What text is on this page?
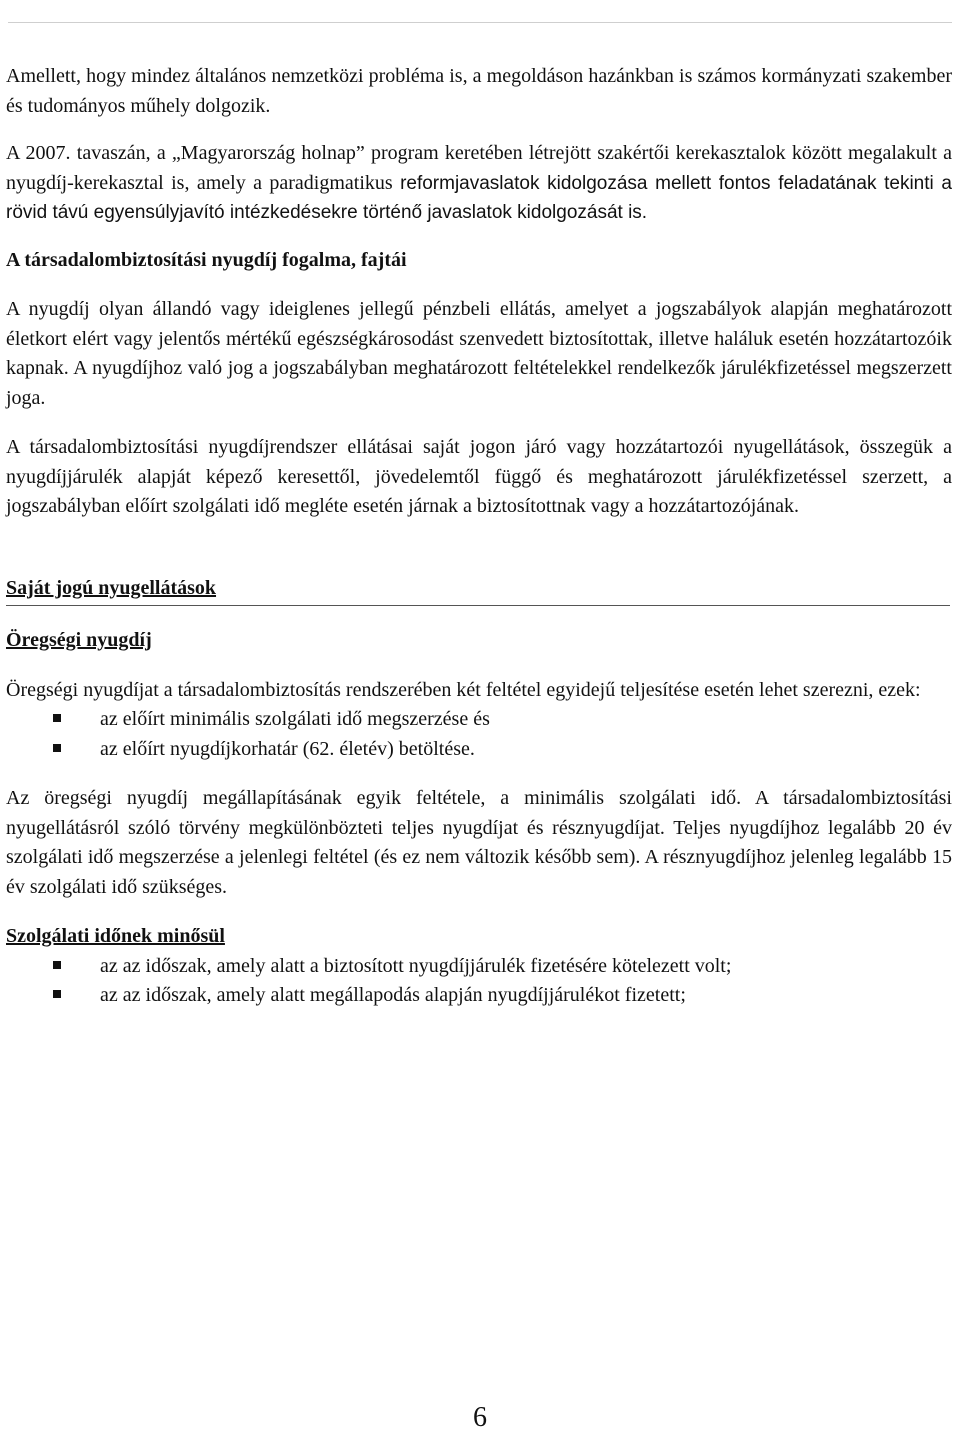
Amellett, hogy mindez általános nemzetközi probléma is, a megoldáson hazánkban is számos kormányzati szakember és tudományos műhely dolgozik.

A 2007. tavaszán, a „Magyarország holnap” program keretében létrejött szakértői kerekasztalok között megalakult a nyugdíj-kerekasztal is, amely a paradigmatikus reformjavaslatok kidolgozása mellett fontos feladatának tekinti a rövid távú egyensúlyjavító intézkedésekre történő javaslatok kidolgozását is.

A társadalombiztosítási nyugdíj fogalma, fajtái

A nyugdíj olyan állandó vagy ideiglenes jellegű pénzbeli ellátás, amelyet a jogszabályok alapján meghatározott életkort elért vagy jelentős mértékű egészségkárosodást szenvedett biztosítottak, illetve haláluk esetén hozzátartozóik kapnak. A nyugdíjhoz való jog a jogszabályban meghatározott feltételekkel rendelkezők járulékfizetéssel megszerzett joga.

A társadalombiztosítási nyugdíjrendszer ellátásai saját jogon járó vagy hozzátartozói nyugellátások, összegük a nyugdíjjárulék alapját képező keresettől, jövedelemtől függő és meghatározott járulékfizetéssel szerzett, a jogszabályban előírt szolgálati idő megléte esetén járnak a biztosítottnak vagy a hozzátartozójának.

Saját jogú nyugellátások
Öregségi nyugdíj

Öregségi nyugdíjat a társadalombiztosítás rendszerében két feltétel egyidejű teljesítése esetén lehet szerezni, ezek:

az előírt minimális szolgálati idő megszerzése és
az előírt nyugdíjkorhatár (62. életév) betöltése.

Az öregségi nyugdíj megállapításának egyik feltétele, a minimális szolgálati idő. A társadalombiztosítási nyugellátásról szóló törvény megkülönbözteti teljes nyugdíjat és résznyugdíjat. Teljes nyugdíjhoz legalább 20 év szolgálati idő megszerzése a jelenlegi feltétel (és ez nem változik később sem). A résznyugdíjhoz jelenleg legalább 15 év szolgálati idő szükséges.

Szolgálati időnek minősül
az az időszak, amely alatt a biztosított nyugdíjjárulék fizetésére kötelezett volt;
az az időszak, amely alatt megállapodás alapján nyugdíjjárulékot fizetett;
6
